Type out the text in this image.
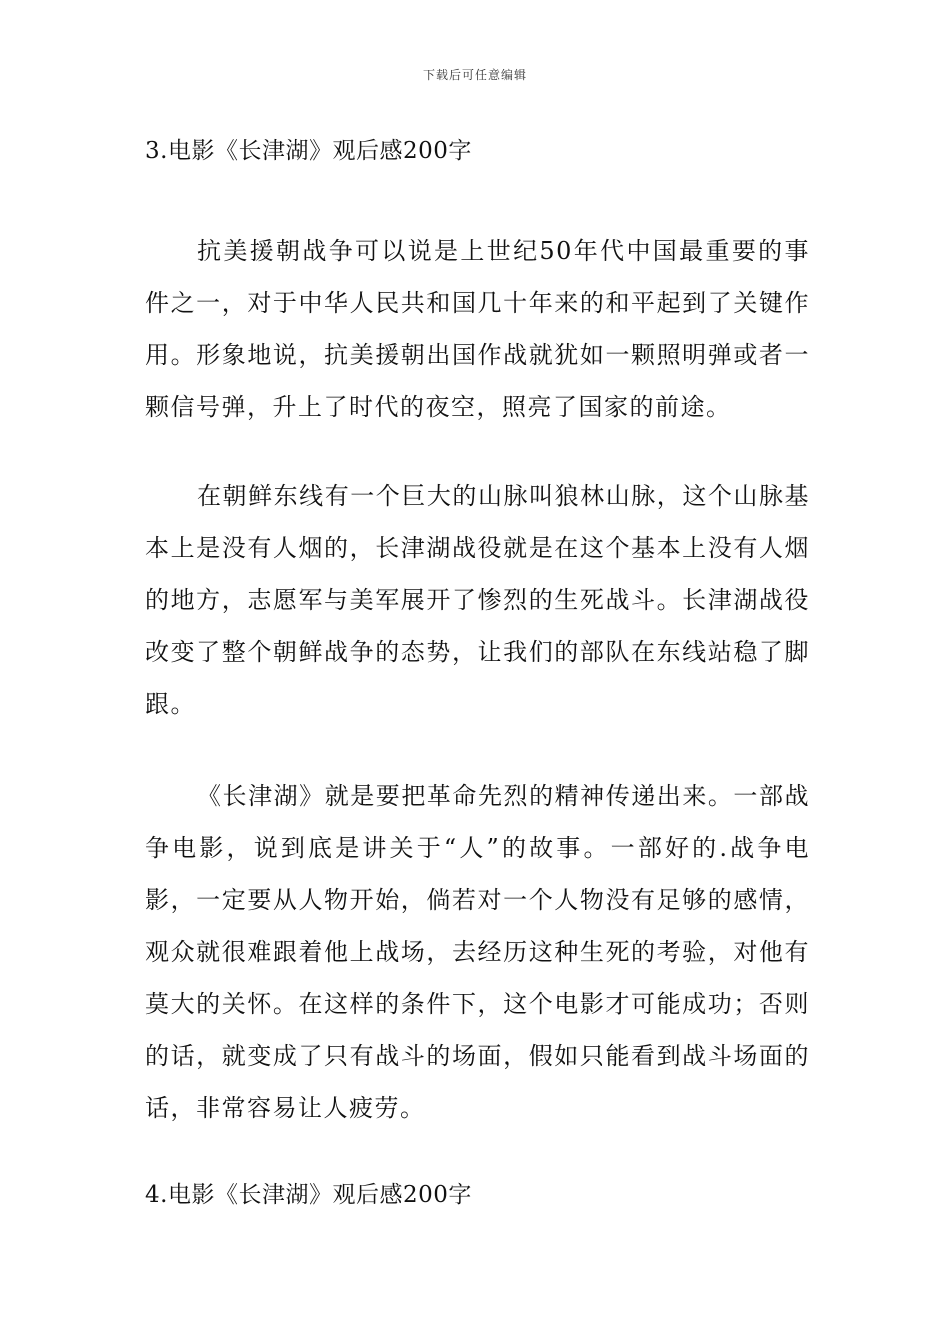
下载后可任意编辑
3.电影《长津湖》观后感200字

抗美援朝战争可以说是上世纪50年代中国最重要的事件之一，对于中华人民共和国几十年来的和平起到了关键作用。形象地说，抗美援朝出国作战就犹如一颗照明弹或者一颗信号弹，升上了时代的夜空，照亮了国家的前途。

在朝鲜东线有一个巨大的山脉叫狼林山脉，这个山脉基本上是没有人烟的，长津湖战役就是在这个基本上没有人烟的地方，志愿军与美军展开了惨烈的生死战斗。长津湖战役改变了整个朝鲜战争的态势，让我们的部队在东线站稳了脚跟。

《长津湖》就是要把革命先烈的精神传递出来。一部战争电影，说到底是讲关于“人”的故事。一部好的.战争电影，一定要从人物开始，倘若对一个人物没有足够的感情，观众就很难跟着他上战场，去经历这种生死的考验，对他有莫大的关怀。在这样的条件下，这个电影才可能成功；否则的话，就变成了只有战斗的场面，假如只能看到战斗场面的话，非常容易让人疲劳。

4.电影《长津湖》观后感200字
